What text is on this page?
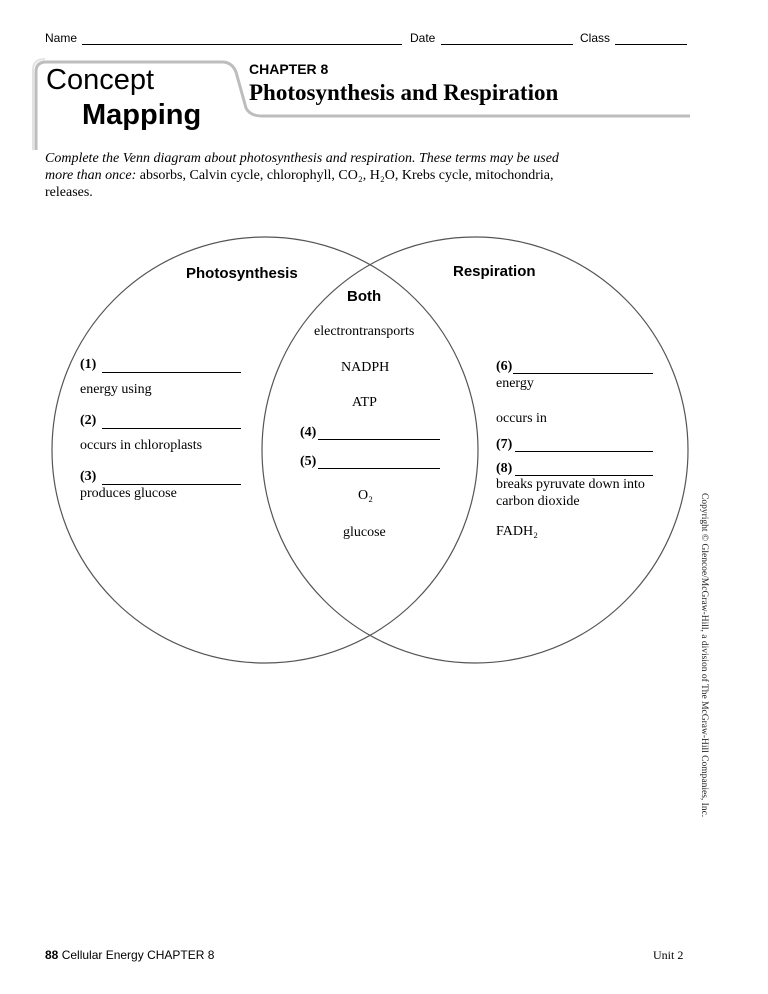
Name	Date	Class
Concept
Mapping
CHAPTER 8
Photosynthesis and Respiration
Complete the Venn diagram about photosynthesis and respiration. These terms may be used more than once: absorbs, Calvin cycle, chlorophyll, CO₂, H₂O, Krebs cycle, mitochondria, releases.
Photosynthesis	Respiration
Both
(1)
energy using
(2)
occurs in chloroplasts
(3)
produces glucose
electrontransports
NADPH
ATP
(4)
(5)
O₂
glucose
(6)
energy
occurs in
(7)
(8)
breaks pyruvate down into
carbon dioxide
FADH₂	Copyright © Glencoe/McGraw-Hill, a division of The McGraw-Hill Companies, Inc.
88 Cellular Energy CHAPTER 8	Unit 2
